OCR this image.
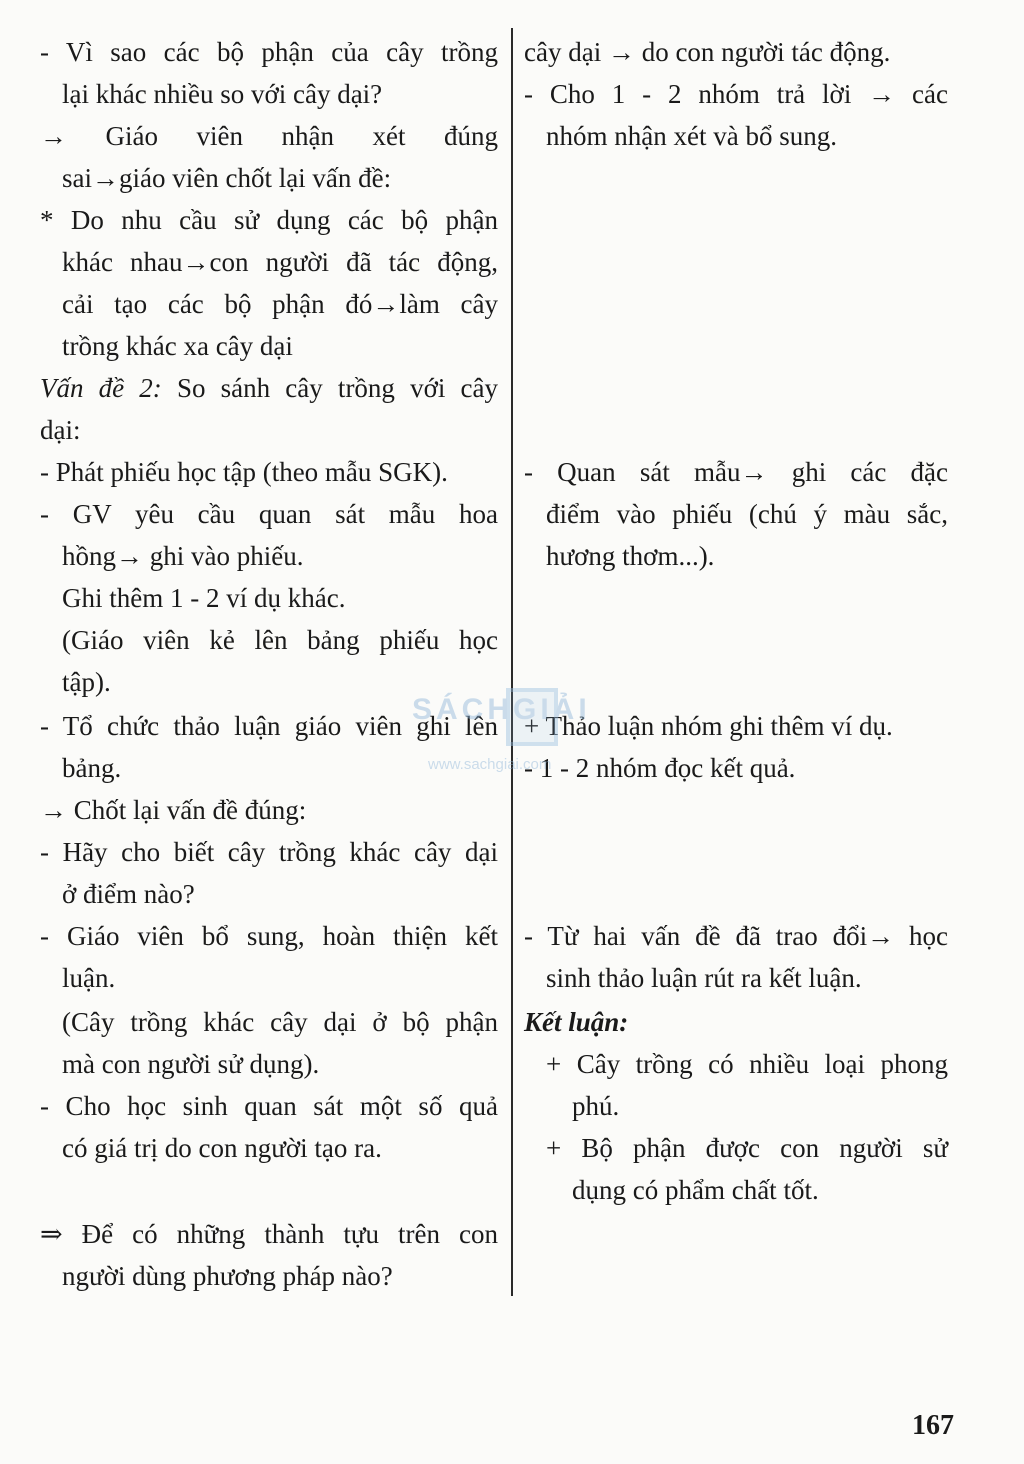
- Vì sao các bộ phận của cây trồng
lại khác nhiều so với cây dại?
→ Giáo viên nhận xét đúng
sai→giáo viên chốt lại vấn đề:
* Do nhu cầu sử dụng các bộ phận
khác nhau→con người đã tác động,
cải tạo các bộ phận đó→làm cây
trồng khác xa cây dại
Vấn đề 2: So sánh cây trồng với cây
dại:
- Phát phiếu học tập (theo mẫu SGK).
- GV yêu cầu quan sát mẫu hoa
hồng→ ghi vào phiếu.
Ghi thêm 1 - 2 ví dụ khác.
(Giáo viên kẻ lên bảng phiếu học
tập).
- Tổ chức thảo luận giáo viên ghi lên
bảng.
→ Chốt lại vấn đề đúng:
- Hãy cho biết cây trồng khác cây dại
ở điểm nào?
- Giáo viên bổ sung, hoàn thiện kết
luận.
(Cây trồng khác cây dại ở bộ phận
mà con người sử dụng).
- Cho học sinh quan sát một số quả
có giá trị do con người tạo ra.
⇒ Để có những thành tựu trên con
người dùng phương pháp nào?
cây dại → do con người tác động.
- Cho 1 - 2 nhóm trả lời → các
nhóm nhận xét và bổ sung.
- Quan sát mẫu→ ghi các đặc
điểm vào phiếu (chú ý màu sắc,
hương thơm...).
+ Thảo luận nhóm ghi thêm ví dụ.
- 1 - 2 nhóm đọc kết quả.
- Từ hai vấn đề đã trao đổi→ học
sinh thảo luận rút ra kết luận.
Kết luận:
+ Cây trồng có nhiều loại phong
phú.
+ Bộ phận được con người sử
dụng có phẩm chất tốt.
SÁCHGIẢI
www.sachgiai.com
167
